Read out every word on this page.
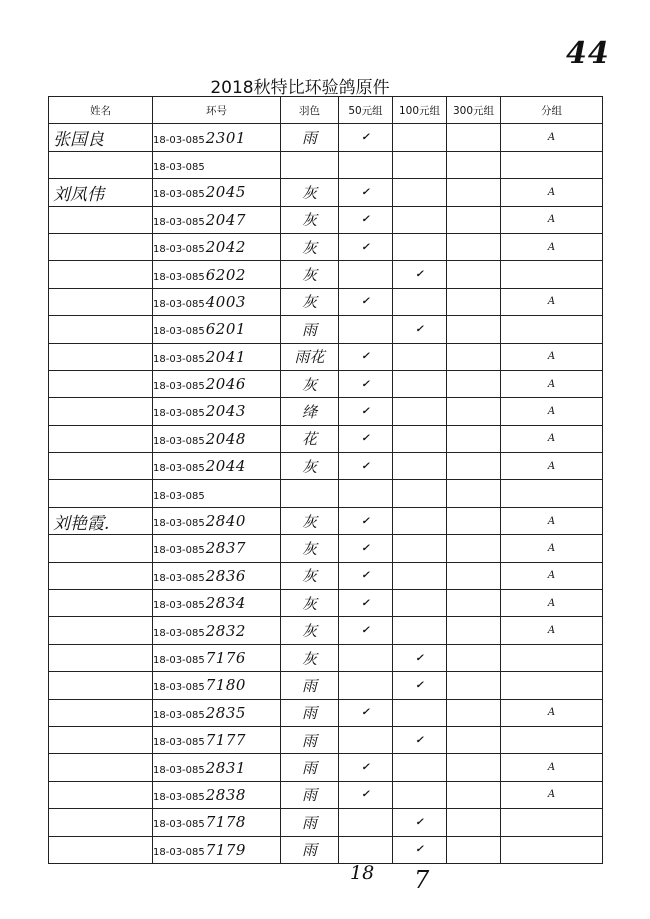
44
2018秋特比环验鸽原件
姓名	环号	羽色	50元组	100元组	300元组	分组
张国良	18-03-0852301	雨	✓			A
	18-03-085					
刘凤伟	18-03-0852045	灰	✓			A
	18-03-0852047	灰	✓			A
	18-03-0852042	灰	✓			A
	18-03-0856202	灰		✓		
	18-03-0854003	灰	✓			A
	18-03-0856201	雨		✓		
	18-03-0852041	雨花	✓			A
	18-03-0852046	灰	✓			A
	18-03-0852043	绛	✓			A
	18-03-0852048	花	✓			A
	18-03-0852044	灰	✓			A
	18-03-085					
刘艳霞.	18-03-0852840	灰	✓			A
	18-03-0852837	灰	✓			A
	18-03-0852836	灰	✓			A
	18-03-0852834	灰	✓			A
	18-03-0852832	灰	✓			A
	18-03-0857176	灰		✓		
	18-03-0857180	雨		✓		
	18-03-0852835	雨	✓			A
	18-03-0857177	雨		✓		
	18-03-0852831	雨	✓			A
	18-03-0852838	雨	✓			A
	18-03-0857178	雨		✓		
	18-03-0857179	雨		✓		
18 7
